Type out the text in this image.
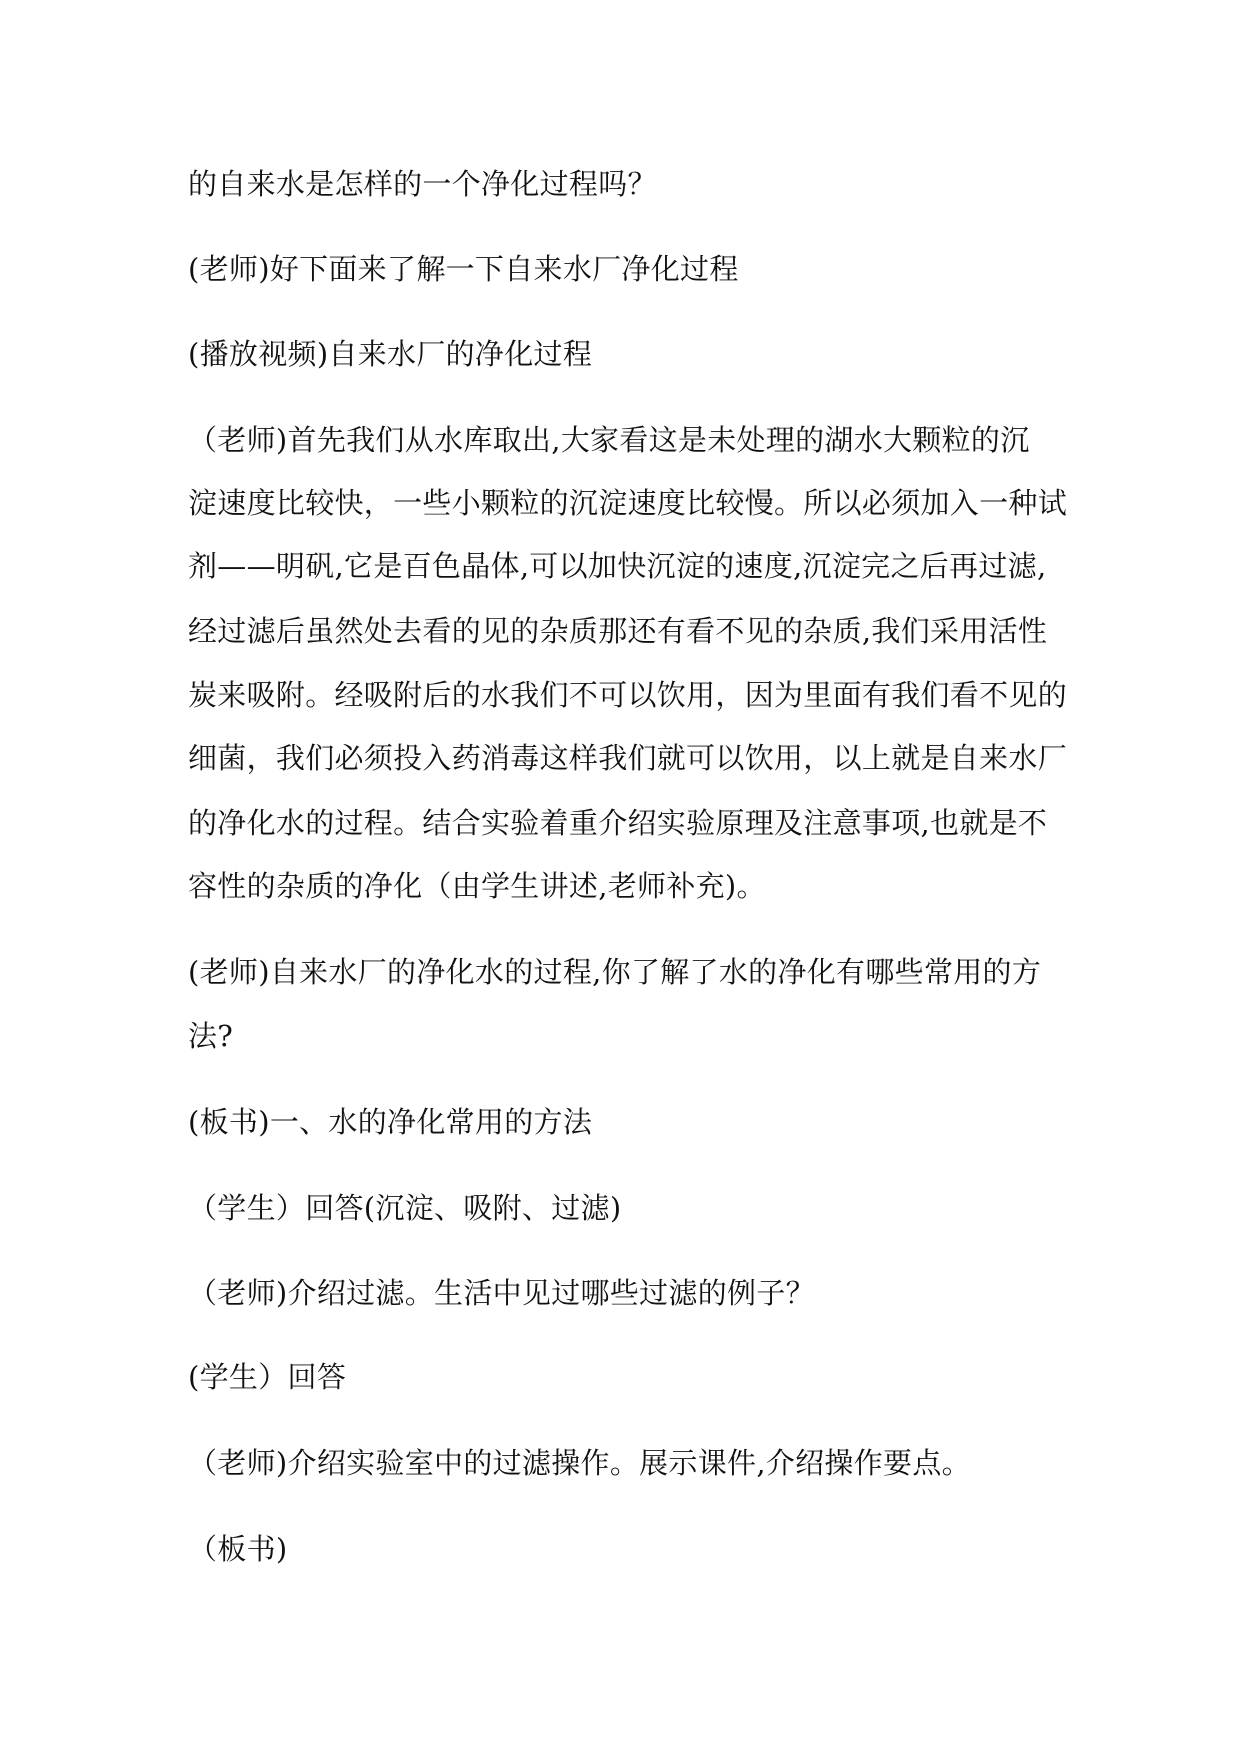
的自来水是怎样的一个净化过程吗？
(老师)好下面来了解一下自来水厂净化过程
(播放视频)自来水厂的净化过程
（老师)首先我们从水库取出,大家看这是未处理的湖水大颗粒的沉
淀速度比较快，一些小颗粒的沉淀速度比较慢。所以必须加入一种试
剂——明矾,它是百色晶体,可以加快沉淀的速度,沉淀完之后再过滤,
经过滤后虽然处去看的见的杂质那还有看不见的杂质,我们采用活性
炭来吸附。经吸附后的水我们不可以饮用，因为里面有我们看不见的
细菌，我们必须投入药消毒这样我们就可以饮用，以上就是自来水厂
的净化水的过程。结合实验着重介绍实验原理及注意事项,也就是不
容性的杂质的净化（由学生讲述,老师补充)。
(老师)自来水厂的净化水的过程,你了解了水的净化有哪些常用的方
法?
(板书)一、水的净化常用的方法
（学生）回答(沉淀、吸附、过滤)
（老师)介绍过滤。生活中见过哪些过滤的例子？
(学生）回答
（老师)介绍实验室中的过滤操作。展示课件,介绍操作要点。
（板书)
